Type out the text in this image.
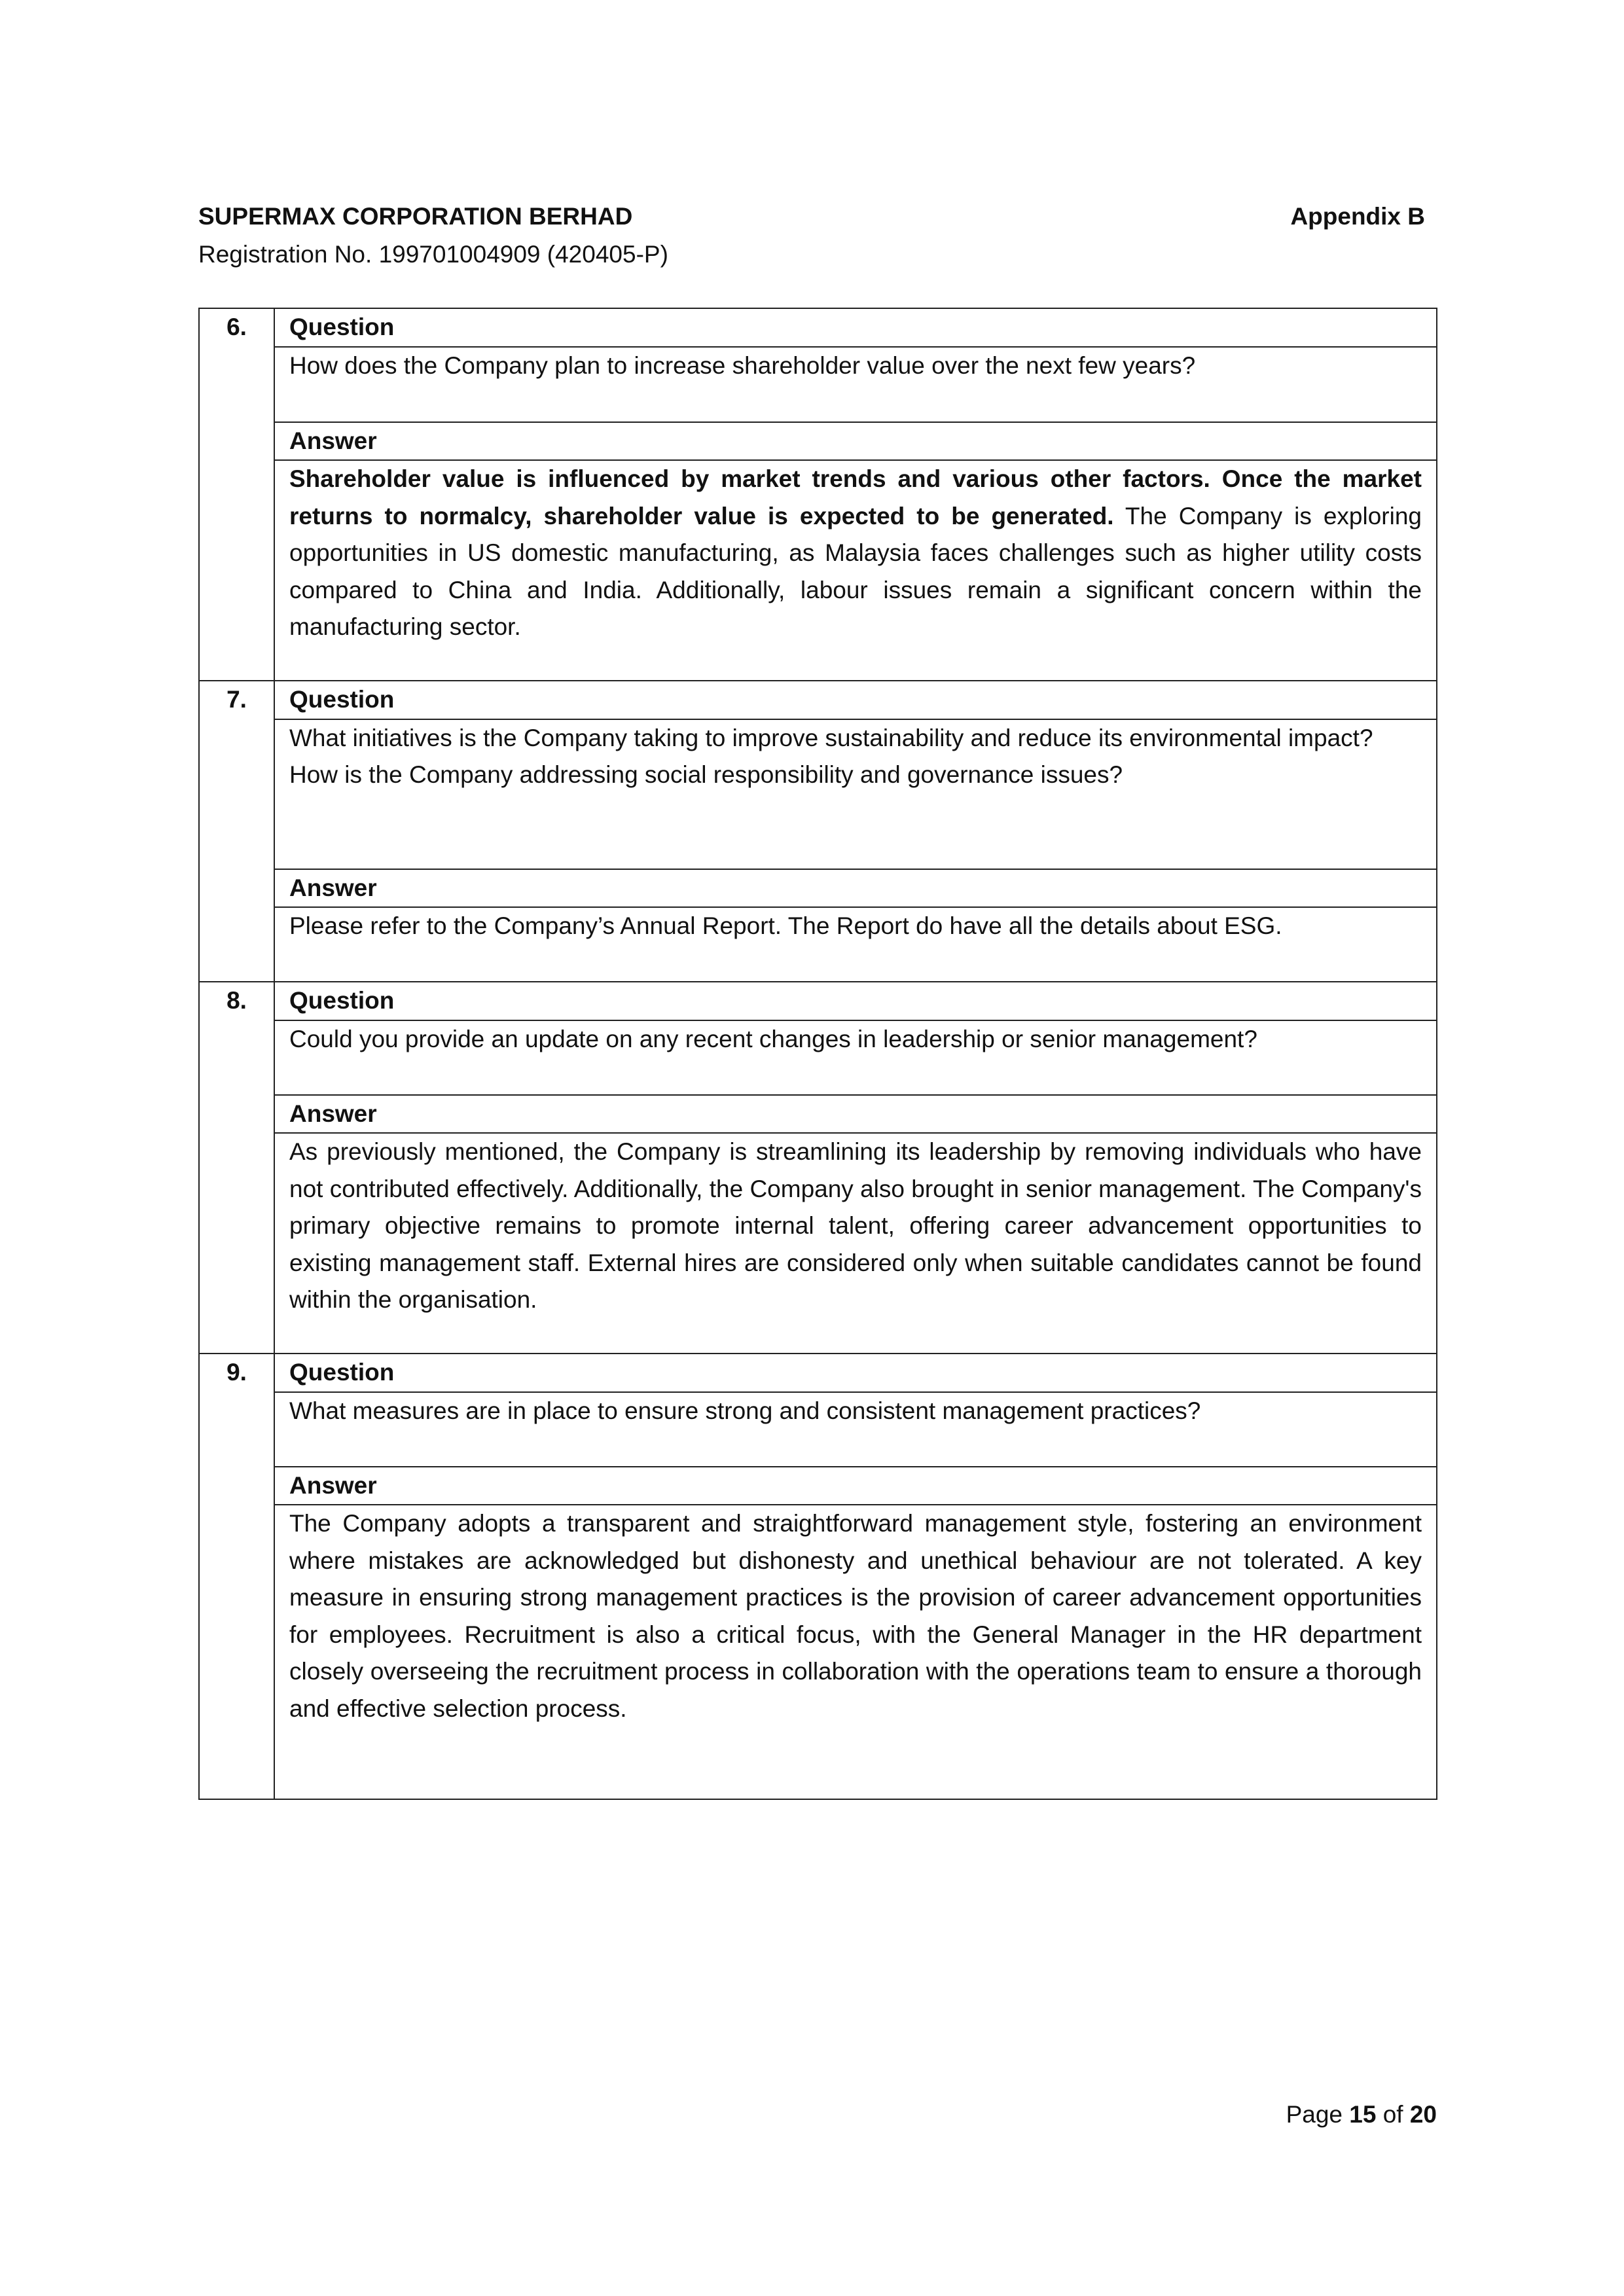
SUPERMAX CORPORATION BERHAD	Appendix B
Registration No. 199701004909 (420405-P)
6.	Question

	How does the Company plan to increase shareholder value over the next few years?

	Answer
	Shareholder value is influenced by market trends and various other factors. Once the market returns to normalcy, shareholder value is expected to be generated. The Company is exploring opportunities in US domestic manufacturing, as Malaysia faces challenges such as higher utility costs compared to China and India. Additionally, labour issues remain a significant concern within the manufacturing sector.
7.	Question

	What initiatives is the Company taking to improve sustainability and reduce its environmental impact?
How is the Company addressing social responsibility and governance issues?

	Answer
	Please refer to the Company’s Annual Report. The Report do have all the details about ESG.
8.	Question

	Could you provide an update on any recent changes in leadership or senior management?

	Answer
	As previously mentioned, the Company is streamlining its leadership by removing individuals who have not contributed effectively. Additionally, the Company also brought in senior management. The Company's primary objective remains to promote internal talent, offering career advancement opportunities to existing management staff. External hires are considered only when suitable candidates cannot be found within the organisation.
9.	Question

	What measures are in place to ensure strong and consistent management practices?

	Answer
	The Company adopts a transparent and straightforward management style, fostering an environment where mistakes are acknowledged but dishonesty and unethical behaviour are not tolerated. A key measure in ensuring strong management practices is the provision of career advancement opportunities for employees. Recruitment is also a critical focus, with the General Manager in the HR department closely overseeing the recruitment process in collaboration with the operations team to ensure a thorough and effective selection process.
Page 15 of 20
